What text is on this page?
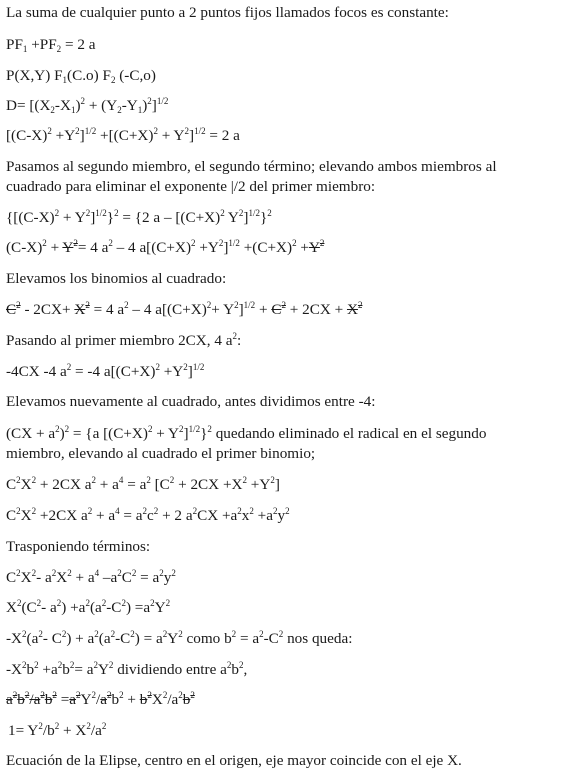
La suma de cualquier punto a 2 puntos fijos llamados focos es constante:
$PF_1 +PF_2 = 2$ a
P(X,Y) $F_1(C.o)$ $F_2$ (-C,o)
$D= [(X_2-X_1)^2 + (Y_2-Y_1)^2]^{1/2}$
$[(C-X)^2 +Y^2]^{1/2} +[(C+X)^2 + Y^2]^{1/2} = 2$ a
Pasamos al segundo miembro, el segundo término; elevando ambos miembros al
cuadrado para eliminar el exponente |/2 del primer miembro:
$\{[(C-X)^2 + Y^2]^{1/2}\}^2 = \{2$ $a - [(C+X)^2$ $Y^2]^{1/2}\}^2$
$(C-X)^2 + Y^2= 4$ $a^2 - 4$ $a[(C+X)^2 +Y^2]^{1/2} +(C+X)^2 +Y^2$
Elevamos los binomios al cuadrado:
$C^2 - 2CX+ X^2 = 4$ $a^2 - 4$ $a[(C+X)^2+ Y^2]^{1/2} + C^2 + 2CX + X^2$
Pasando al primer miembro 2CX, 4 $a^2$:
-4CX -4 $a^2 = -4$ $a[(C+X)^2 +Y^2]^{1/2}$
Elevamos nuevamente al cuadrado, antes dividimos entre -4:
$(CX + a^2)^2 = \{a$ $[(C+X)^2 + Y^2]^{1/2}\}^2$ quedando eliminado el radical en el segundo
miembro, elevando al cuadrado el primer binomio;
$C^2X^2 + 2CX$ $a^2 + a^4 = a^2$ $[C^2 + 2CX +X^2 +Y^2]$
$C^2X^2 +2CX$ $a^2 + a^4 = a^2c^2 + 2$ $a^2CX +a^2x^2 +a^2y^2$
Trasponiendo términos:
$C^2X^2-$ $a^2X^2 + a^4$ $-a^2C^2 = a^2y^2$
$X^2(C^2-$ $a^2) +a^2(a^2-C^2) =a^2Y^2$
$-X^2(a^2-$ $C^2) + a^2(a^2-C^2) = a^2Y^2$ como $b^2 = a^2-C^2$ nos queda:
$-X^2b^2 +a^2b^2= a^2Y^2$ dividiendo entre $a^2b^2$,
$a^2b^2/a^2b^2 =a^2Y^2/a^2b^2 + b^2X^2/a^2b^2$
$1= Y^2/b^2 + X^2/a^2$
Ecuación de la Elipse, centro en el origen, eje mayor coincide con el eje X.
